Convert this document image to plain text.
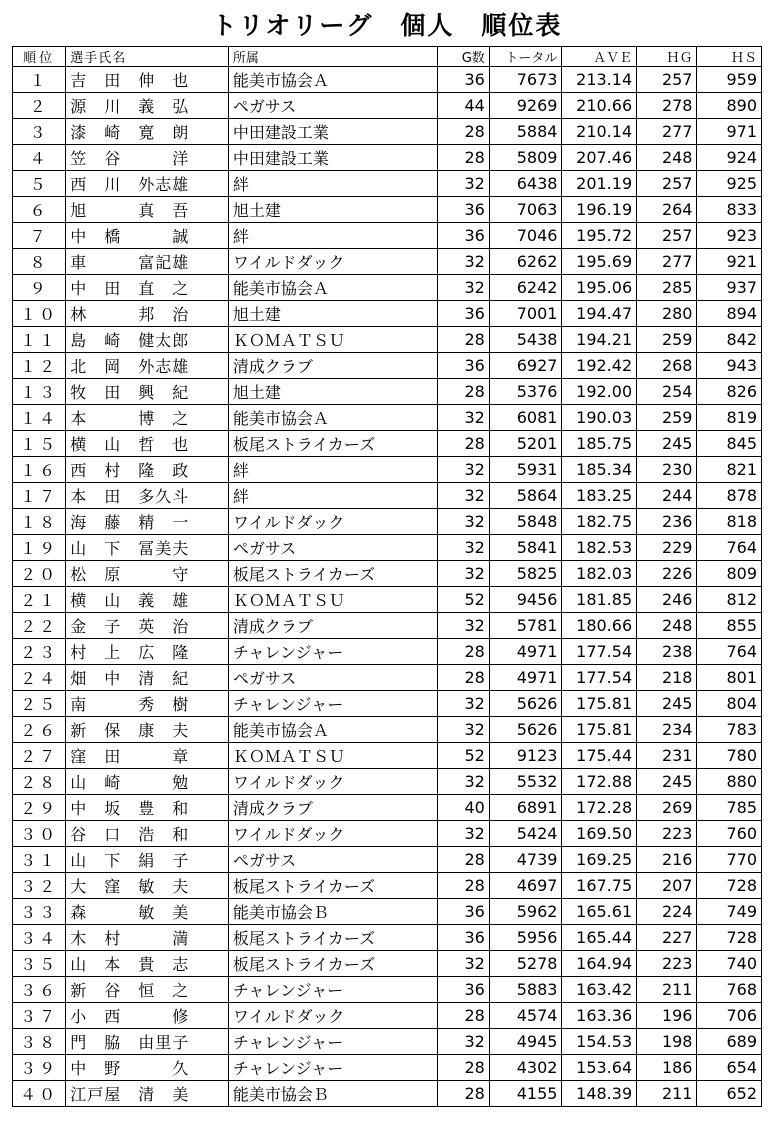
トリオリーグ　個人　順位表
順位	選手氏名	所属	G数	トータル	ＡＶＥ	ＨＧ	ＨＳ
１	吉　田　伸　也	能美市協会Ａ	36	7673	213.14	257	959
２	源　川　義　弘	ペガサス	44	9269	210.66	278	890
３	漆　崎　寛　朗	中田建設工業	28	5884	210.14	277	971
４	笠　谷　　　洋	中田建設工業	28	5809	207.46	248	924
５	西　川　外志雄	絆	32	6438	201.19	257	925
６	旭　　　真　吾	旭土建	36	7063	196.19	264	833
７	中　橋　　　誠	絆	36	7046	195.72	257	923
８	車　　　富記雄	ワイルドダック	32	6262	195.69	277	921
９	中　田　直　之	能美市協会Ａ	32	6242	195.06	285	937
１０	林　　　邦　治	旭土建	36	7001	194.47	280	894
１１	島　崎　健太郎	ＫＯＭＡＴＳＵ	28	5438	194.21	259	842
１２	北　岡　外志雄	清成クラブ	36	6927	192.42	268	943
１３	牧　田　興　紀	旭土建	28	5376	192.00	254	826
１４	本　　　博　之	能美市協会Ａ	32	6081	190.03	259	819
１５	横　山　哲　也	板尾ストライカーズ	28	5201	185.75	245	845
１６	西　村　隆　政	絆	32	5931	185.34	230	821
１７	本　田　多久斗	絆	32	5864	183.25	244	878
１８	海　藤　精　一	ワイルドダック	32	5848	182.75	236	818
１９	山　下　冨美夫	ペガサス	32	5841	182.53	229	764
２０	松　原　　　守	板尾ストライカーズ	32	5825	182.03	226	809
２１	横　山　義　雄	ＫＯＭＡＴＳＵ	52	9456	181.85	246	812
２２	金　子　英　治	清成クラブ	32	5781	180.66	248	855
２３	村　上　広　隆	チャレンジャー	28	4971	177.54	238	764
２４	畑　中　清　紀	ペガサス	28	4971	177.54	218	801
２５	南　　　秀　樹	チャレンジャー	32	5626	175.81	245	804
２６	新　保　康　夫	能美市協会Ａ	32	5626	175.81	234	783
２７	窪　田　　　章	ＫＯＭＡＴＳＵ	52	9123	175.44	231	780
２８	山　崎　　　勉	ワイルドダック	32	5532	172.88	245	880
２９	中　坂　豊　和	清成クラブ	40	6891	172.28	269	785
３０	谷　口　浩　和	ワイルドダック	32	5424	169.50	223	760
３１	山　下　絹　子	ペガサス	28	4739	169.25	216	770
３２	大　窪　敏　夫	板尾ストライカーズ	28	4697	167.75	207	728
３３	森　　　敏　美	能美市協会Ｂ	36	5962	165.61	224	749
３４	木　村　　　満	板尾ストライカーズ	36	5956	165.44	227	728
３５	山　本　貴　志	板尾ストライカーズ	32	5278	164.94	223	740
３６	新　谷　恒　之	チャレンジャー	36	5883	163.42	211	768
３７	小　西　　　修	ワイルドダック	28	4574	163.36	196	706
３８	門　脇　由里子	チャレンジャー	32	4945	154.53	198	689
３９	中　野　　　久	チャレンジャー	28	4302	153.64	186	654
４０	江戸屋　清　美	能美市協会Ｂ	28	4155	148.39	211	652
